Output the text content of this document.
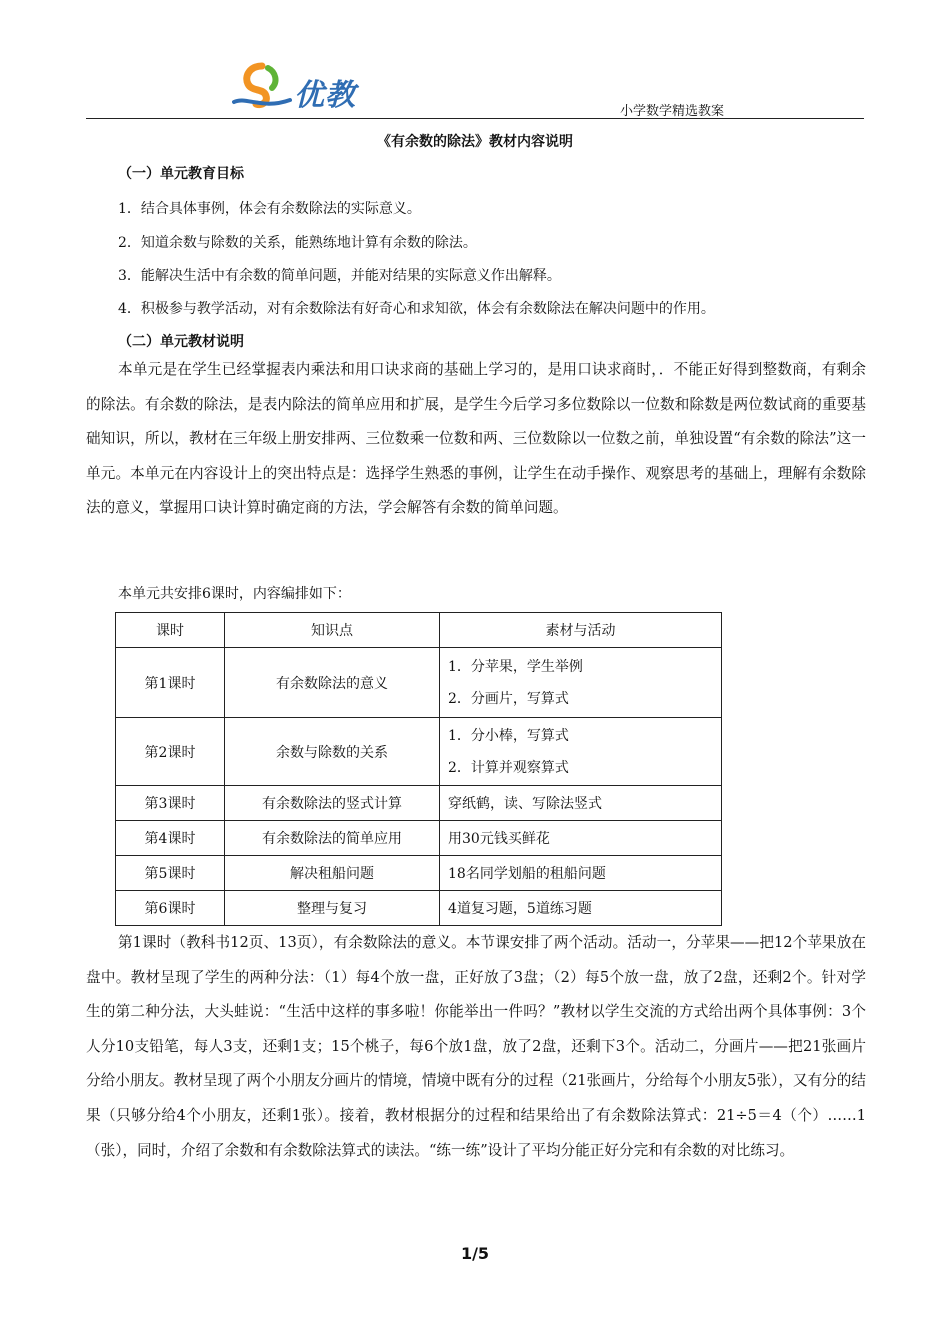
优教	小学数学精选教案
《有余数的除法》教材内容说明
（一）单元教育目标
1．结合具体事例，体会有余数除法的实际意义。
2．知道余数与除数的关系，能熟练地计算有余数的除法。
3．能解决生活中有余数的简单问题，并能对结果的实际意义作出解释。
4．积极参与教学活动，对有余数除法有好奇心和求知欲，体会有余数除法在解决问题中的作用。
（二）单元教材说明

本单元是在学生已经掌握表内乘法和用口诀求商的基础上学习的，是用口诀求商时，．不能正好得到整数商，有剩余的除法。有余数的除法，是表内除法的简单应用和扩展，是学生今后学习多位数除以一位数和除数是两位数试商的重要基础知识，所以，教材在三年级上册安排两、三位数乘一位数和两、三位数除以一位数之前，单独设置“有余数的除法”这一单元。本单元在内容设计上的突出特点是：选择学生熟悉的事例，让学生在动手操作、观察思考的基础上，理解有余数除法的意义，掌握用口诀计算时确定商的方法，学会解答有余数的简单问题。

本单元共安排6课时，内容编排如下：
课时	知识点	素材与活动
第1课时	有余数除法的意义	1．分苹果，学生举例
2．分画片，写算式

第2课时	余数与除数的关系	1．分小棒，写算式
2．计算并观察算式

第3课时	有余数除法的竖式计算	穿纸鹤，读、写除法竖式
第4课时	有余数除法的简单应用	用30元钱买鲜花
第5课时	解决租船问题	18名同学划船的租船问题
第6课时	整理与复习	4道复习题，5道练习题

第1课时（教科书12页、13页），有余数除法的意义。本节课安排了两个活动。活动一，分苹果——把12个苹果放在盘中。教材呈现了学生的两种分法：（1）每4个放一盘，正好放了3盘；（2）每5个放一盘，放了2盘，还剩2个。针对学生的第二种分法，大头蛙说：“生活中这样的事多啦！你能举出一件吗？”教材以学生交流的方式给出两个具体事例：3个人分10支铅笔，每人3支，还剩1支；15个桃子，每6个放1盘，放了2盘，还剩下3个。活动二，分画片——把21张画片分给小朋友。教材呈现了两个小朋友分画片的情境，情境中既有分的过程（21张画片，分给每个小朋友5张），又有分的结果（只够分给4个小朋友，还剩1张）。接着，教材根据分的过程和结果给出了有余数除法算式：21÷5＝4（个）……1（张），同时，介绍了余数和有余数除法算式的读法。“练一练”设计了平均分能正好分完和有余数的对比练习。

1/5
